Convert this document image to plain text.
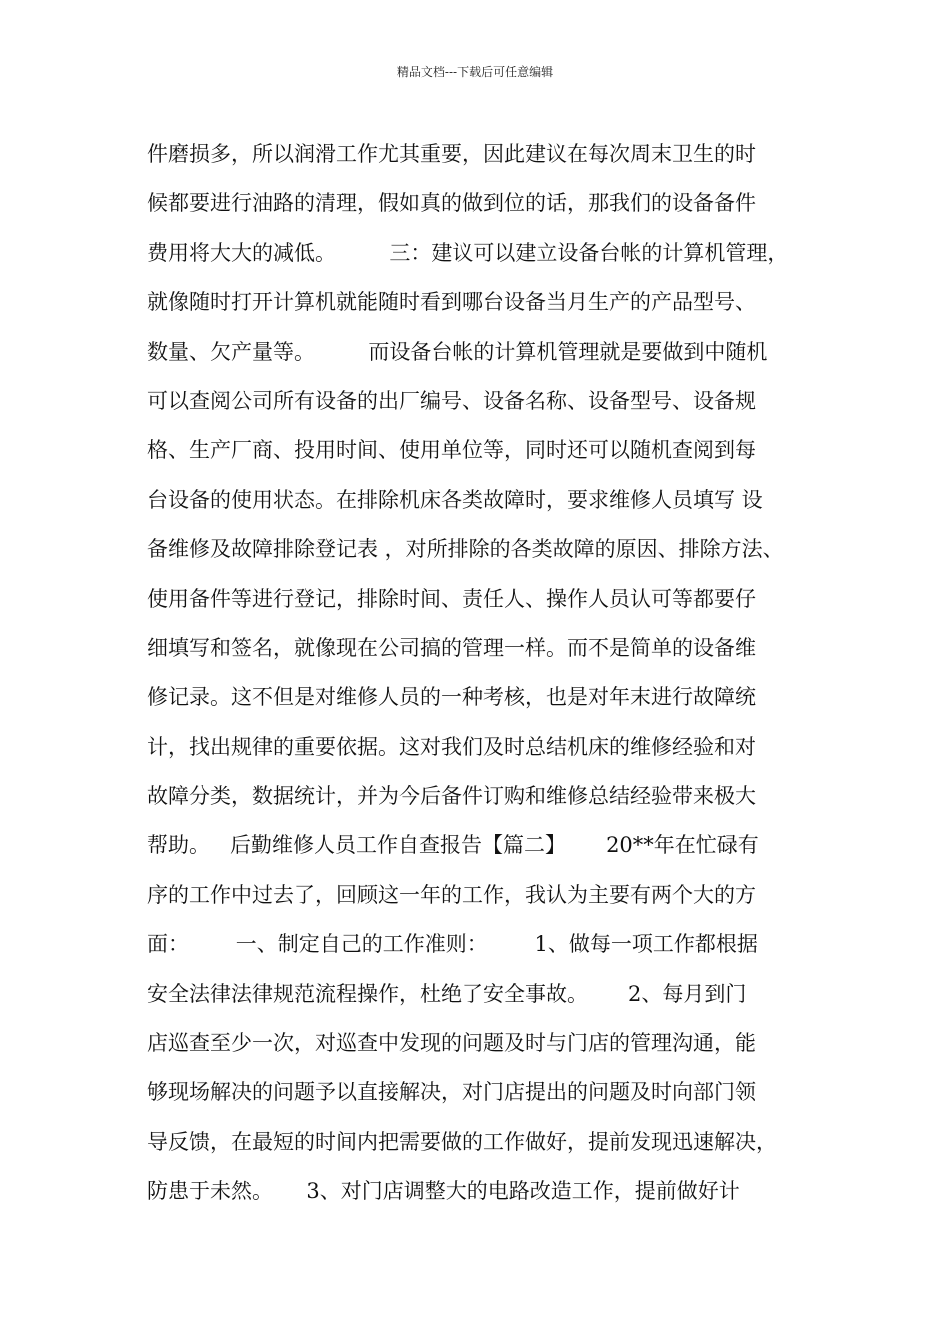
精品文档---下载后可任意编辑
件磨损多，所以润滑工作尤其重要，因此建议在每次周末卫生的时
候都要进行油路的清理，假如真的做到位的话，那我们的设备备件
费用将大大的减低。        三：建议可以建立设备台帐的计算机管理，
就像随时打开计算机就能随时看到哪台设备当月生产的产品型号、
数量、欠产量等。        而设备台帐的计算机管理就是要做到中随机
可以查阅公司所有设备的出厂编号、设备名称、设备型号、设备规
格、生产厂商、投用时间、使用单位等，同时还可以随机查阅到每
台设备的使用状态。在排除机床各类故障时，要求维修人员填写 设
备维修及故障排除登记表 ，对所排除的各类故障的原因、排除方法、
使用备件等进行登记，排除时间、责任人、操作人员认可等都要仔
细填写和签名，就像现在公司搞的管理一样。而不是简单的设备维
修记录。这不但是对维修人员的一种考核，也是对年末进行故障统
计，找出规律的重要依据。这对我们及时总结机床的维修经验和对
故障分类，数据统计，并为今后备件订购和维修总结经验带来极大
帮助。   后勤维修人员工作自查报告【篇二】      20**年在忙碌有
序的工作中过去了，回顾这一年的工作，我认为主要有两个大的方
面：       一、制定自己的工作准则：       1、做每一项工作都根据
安全法律法律规范流程操作，杜绝了安全事故。      2、每月到门
店巡查至少一次，对巡查中发现的问题及时与门店的管理沟通，能
够现场解决的问题予以直接解决，对门店提出的问题及时向部门领
导反馈，在最短的时间内把需要做的工作做好，提前发现迅速解决，
防患于未然。     3、对门店调整大的电路改造工作，提前做好计
